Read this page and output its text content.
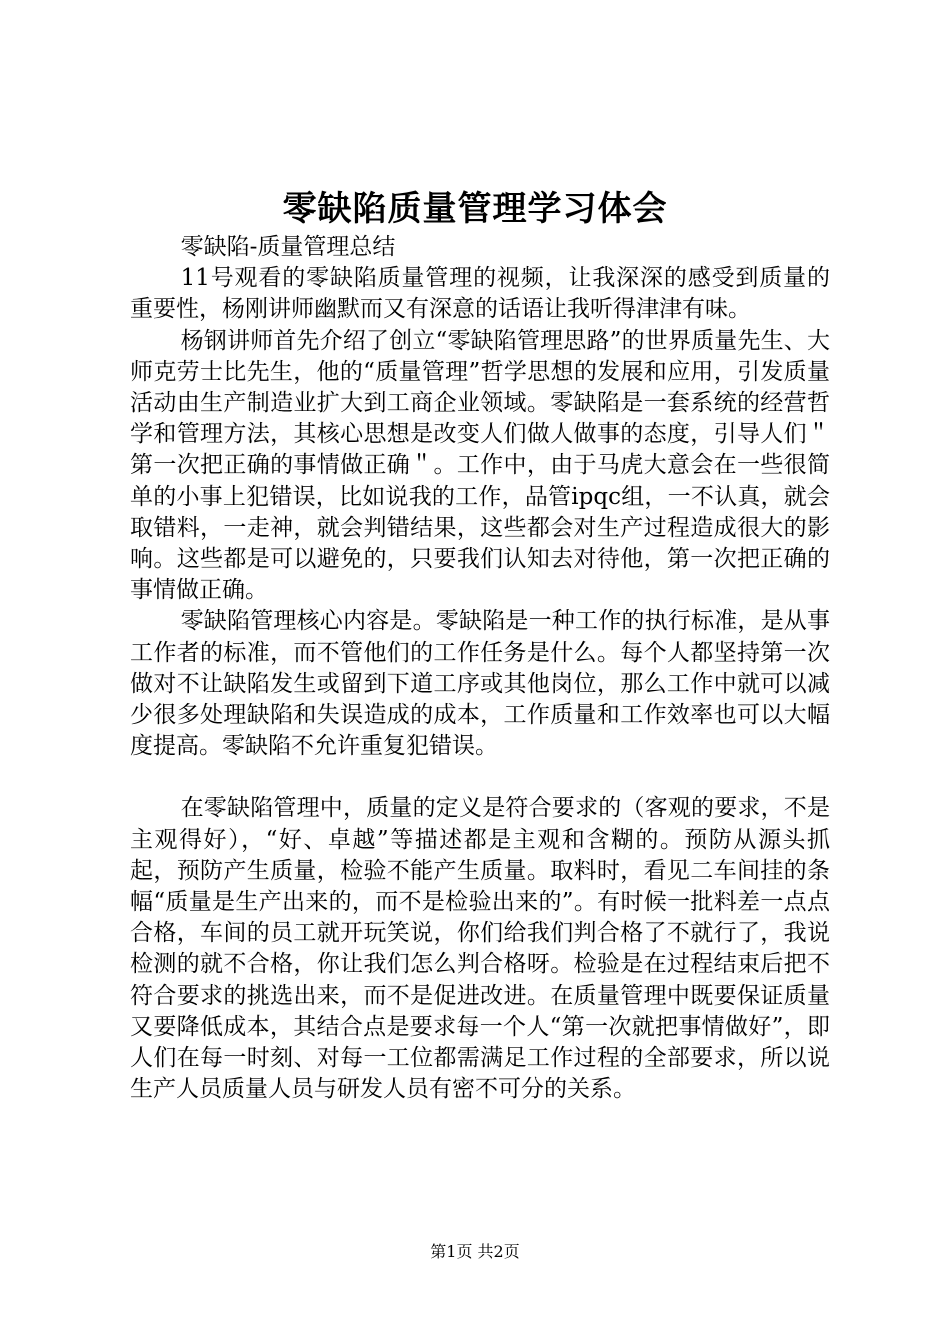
零缺陷质量管理学习体会

零缺陷-质量管理总结

11号观看的零缺陷质量管理的视频，让我深深的感受到质量的重要性，杨刚讲师幽默而又有深意的话语让我听得津津有味。

杨钢讲师首先介绍了创立“零缺陷管理思路”的世界质量先生、大师克劳士比先生，他的“质量管理”哲学思想的发展和应用，引发质量活动由生产制造业扩大到工商企业领域。零缺陷是一套系统的经营哲学和管理方法，其核心思想是改变人们做人做事的态度，引导人们＂第一次把正确的事情做正确＂。工作中，由于马虎大意会在一些很简单的小事上犯错误，比如说我的工作，品管ipqc组，一不认真，就会取错料，一走神，就会判错结果，这些都会对生产过程造成很大的影响。这些都是可以避免的，只要我们认知去对待他，第一次把正确的事情做正确。

零缺陷管理核心内容是。零缺陷是一种工作的执行标准，是从事工作者的标准，而不管他们的工作任务是什么。每个人都坚持第一次做对不让缺陷发生或留到下道工序或其他岗位，那么工作中就可以减少很多处理缺陷和失误造成的成本，工作质量和工作效率也可以大幅度提高。零缺陷不允许重复犯错误。

在零缺陷管理中，质量的定义是符合要求的（客观的要求，不是主观得好），“好、卓越”等描述都是主观和含糊的。预防从源头抓起，预防产生质量，检验不能产生质量。取料时，看见二车间挂的条幅“质量是生产出来的，而不是检验出来的”。有时候一批料差一点点合格，车间的员工就开玩笑说，你们给我们判合格了不就行了，我说检测的就不合格，你让我们怎么判合格呀。检验是在过程结束后把不符合要求的挑选出来，而不是促进改进。在质量管理中既要保证质量又要降低成本，其结合点是要求每一个人“第一次就把事情做好”，即人们在每一时刻、对每一工位都需满足工作过程的全部要求，所以说生产人员质量人员与研发人员有密不可分的关系。

第1页 共2页
